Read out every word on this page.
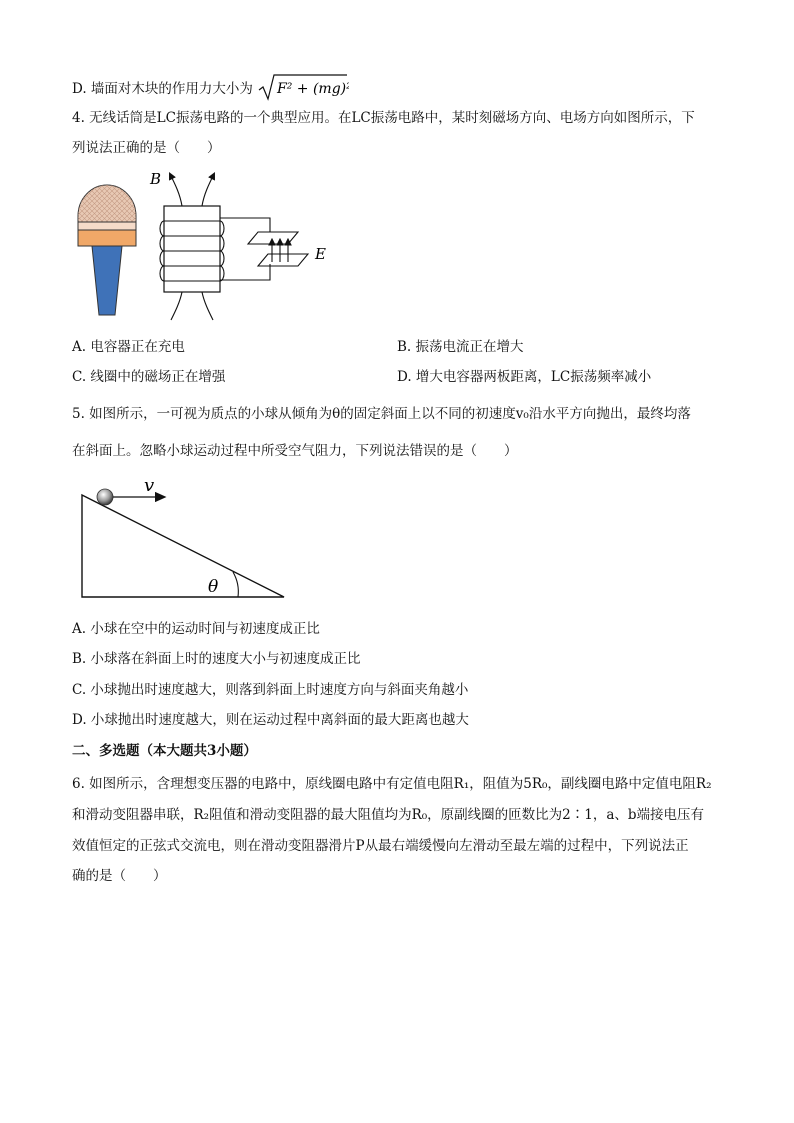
D. 墙面对木块的作用力大小为 F² + (mg)²
4. 无线话筒是LC振荡电路的一个典型应用。在LC振荡电路中，某时刻磁场方向、电场方向如图所示，下
列说法正确的是（　　）
B
E
A. 电容器正在充电	B. 振荡电流正在增大
C. 线圈中的磁场正在增强	D. 增大电容器两板距离，LC振荡频率减小
5. 如图所示，一可视为质点的小球从倾角为θ的固定斜面上以不同的初速度v₀沿水平方向抛出，最终均落
在斜面上。忽略小球运动过程中所受空气阻力，下列说法错误的是（　　）
θ
v
A. 小球在空中的运动时间与初速度成正比
B. 小球落在斜面上时的速度大小与初速度成正比
C. 小球抛出时速度越大，则落到斜面上时速度方向与斜面夹角越小
D. 小球抛出时速度越大，则在运动过程中离斜面的最大距离也越大
二、多选题（本大题共3小题）
6. 如图所示，含理想变压器的电路中，原线圈电路中有定值电阻R₁，阻值为5R₀，副线圈电路中定值电阻R₂
和滑动变阻器串联，R₂阻值和滑动变阻器的最大阻值均为R₀，原副线圈的匝数比为2∶1，a、b端接电压有
效值恒定的正弦式交流电，则在滑动变阻器滑片P从最右端缓慢向左滑动至最左端的过程中，下列说法正
确的是（　　）
